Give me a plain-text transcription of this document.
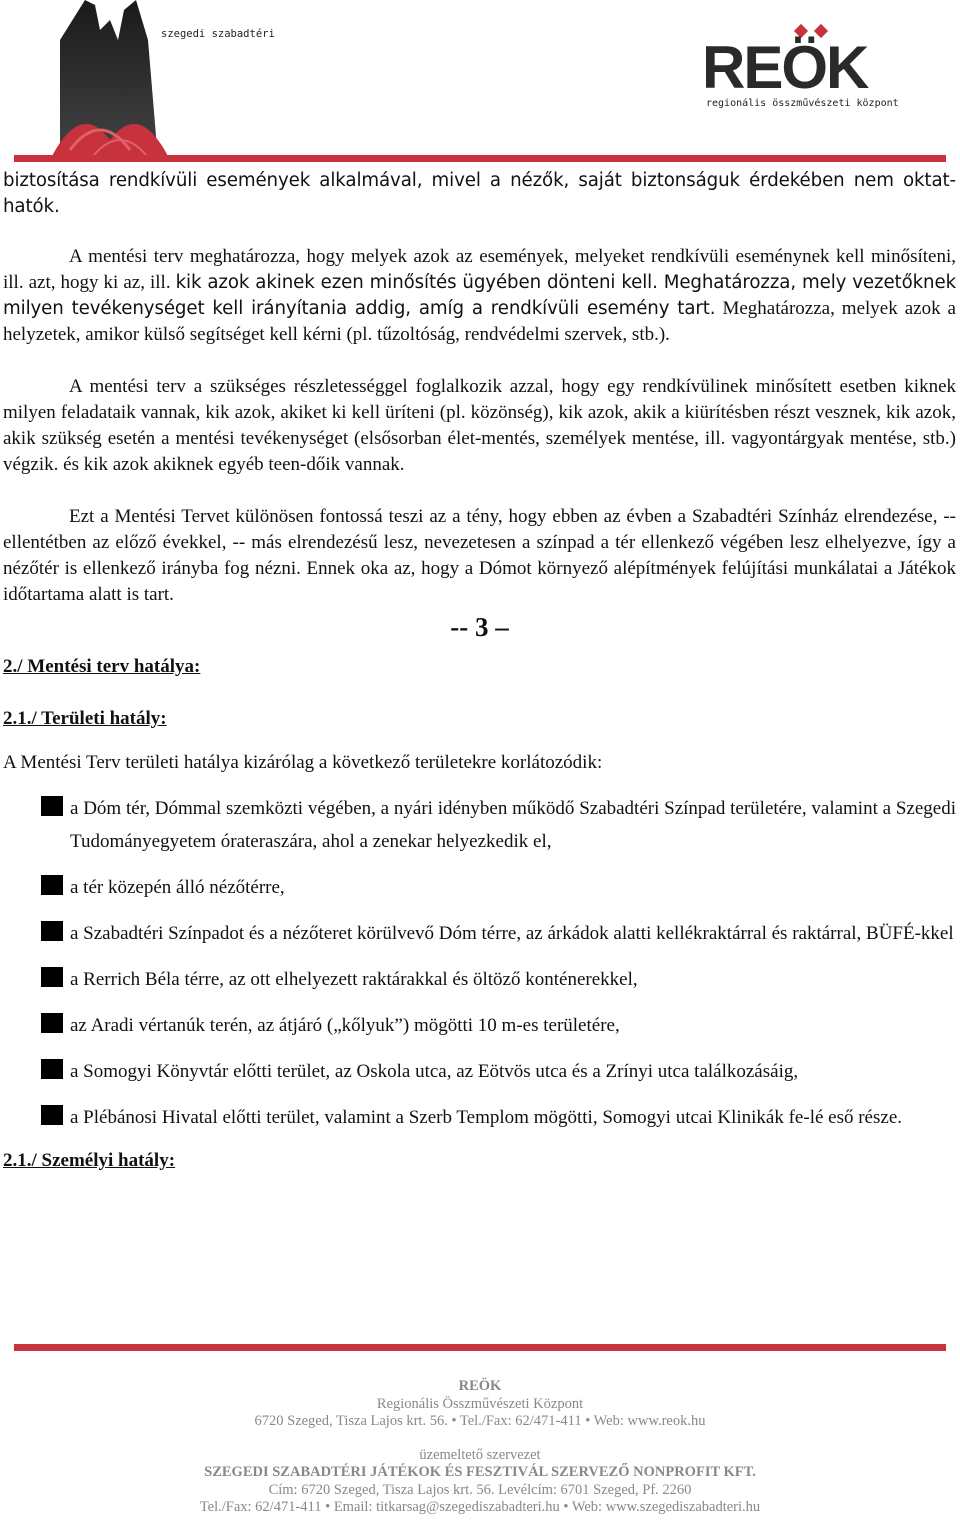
szegedi szabadtéri	REÖK
regionális összművészeti központ

biztosítása rendkívüli események alkalmával, mivel a nézők, saját biztonságuk érdekében nem oktat-hatók.

A mentési terv meghatározza, hogy melyek azok az események, melyeket rendkívüli eseménynek kell minősíteni, ill. azt, hogy ki az, ill. kik azok akinek ezen minősítés ügyében dönteni kell. Meghatározza, mely vezetőknek milyen tevékenységet kell irányítania addig, amíg a rendkívüli esemény tart. Meghatározza, melyek azok a helyzetek, amikor külső segítséget kell kérni (pl. tűzoltóság, rendvédelmi szervek, stb.).

A mentési terv a szükséges részletességgel foglalkozik azzal, hogy egy rendkívülinek minősített esetben kiknek milyen feladataik vannak, kik azok, akiket ki kell üríteni (pl. közönség), kik azok, akik a kiürítésben részt vesznek, kik azok, akik szükség esetén a mentési tevékenységet (elsősorban élet-mentés, személyek mentése, ill. vagyontárgyak mentése, stb.) végzik. és kik azok akiknek egyéb teen-dőik vannak.

Ezt a Mentési Tervet különösen fontossá teszi az a tény, hogy ebben az évben a Szabadtéri Színház elrendezése, -- ellentétben az előző évekkel, -- más elrendezésű lesz, nevezetesen a színpad a tér ellenkező végében lesz elhelyezve, így a nézőtér is ellenkező irányba fog nézni. Ennek oka az, hogy a Dómot környező alépítmények felújítási munkálatai a Játékok időtartama alatt is tart.

-- 3 –

2./ Mentési terv hatálya:

2.1./ Területi hatály:

A Mentési Terv területi hatálya kizárólag a következő területekre korlátozódik:

a Dóm tér, Dómmal szemközti végében, a nyári idényben működő Szabadtéri Színpad területére, valamint a Szegedi Tudományegyetem órateraszára, ahol a zenekar helyezkedik el,
a tér közepén álló nézőtérre,
a Szabadtéri Színpadot és a nézőteret körülvevő Dóm térre, az árkádok alatti kellékraktárral és raktárral, BÜFÉ-kkel
a Rerrich Béla térre, az ott elhelyezett raktárakkal és öltöző konténerekkel,
az Aradi vértanúk terén, az átjáró („kőlyuk”) mögötti 10 m-es területére,
a Somogyi Könyvtár előtti terület, az Oskola utca, az Eötvös utca és a Zrínyi utca találkozásáig,
a Plébánosi Hivatal előtti terület, valamint a Szerb Templom mögötti, Somogyi utcai Klinikák fe-lé eső része.

2.1./ Személyi hatály:

REÖK
Regionális Összművészeti Központ
6720 Szeged, Tisza Lajos krt. 56. • Tel./Fax: 62/471-411 • Web: www.reok.hu
üzemeltető szervezet
SZEGEDI SZABADTÉRI JÁTÉKOK ÉS FESZTIVÁL SZERVEZŐ NONPROFIT KFT.
Cím: 6720 Szeged, Tisza Lajos krt. 56. Levélcím: 6701 Szeged, Pf. 2260
Tel./Fax: 62/471-411 • Email: titkarsag@szegediszabadteri.hu • Web: www.szegediszabadteri.hu
